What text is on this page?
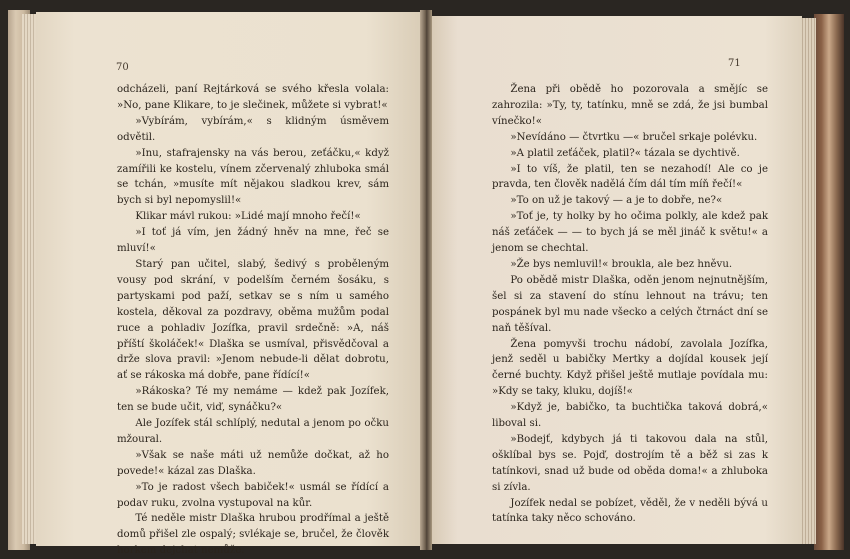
70

odcházeli, paní Rejtárková se svého křesla volala: »No, pane Klikare, to je slečinek, můžete si vybrat!«

»Vybírám, vybírám,« s klidným úsměvem odvětil.

»Inu, stafrajensky na vás berou, zeťáčku,« když zamířili ke kostelu, vínem zčervenalý zhluboka smál se tchán, »musíte mít nějakou sladkou krev, sám bych si byl nepomyslil!«

Klikar mávl rukou: »Lidé mají mnoho řečí!«

»I toť já vím, jen žádný hněv na mne, řeč se mluví!«

Starý pan učitel, slabý, šedivý s proběleným vousy pod skrání, v podelším černém šosáku, s partyskami pod paží, setkav se s ním u samého kostela, děkoval za pozdravy, oběma mužům podal ruce a pohladiv Jozífka, pravil srdečně: »A, náš příští školáček!« Dlaška se usmíval, přisvědčoval a drže slova pravil: »Jenom nebude-li dělat dobrotu, ať se rákoska má dobře, pane řídící!«

»Rákoska? Té my nemáme — kdež pak Jozífek, ten se bude učit, viď, synáčku?«

Ale Jozífek stál schlíplý, nedutal a jenom po očku mžoural.

»Však se naše máti už nemůže dočkat, až ho povede!« kázal zas Dlaška.

»To je radost všech babiček!« usmál se řídící a podav ruku, zvolna vystupoval na kůr.

Té neděle mistr Dlaška hrubou prodřímal a ještě domů přišel zle ospalý; svlékaje se, bručel, že člověk horkem dejchat nemůže.

71

Žena při obědě ho pozorovala a smějíc se zahrozila: »Ty, ty, tatínku, mně se zdá, že jsi bumbal vínečko!«

»Nevídáno — čtvrtku —« bručel srkaje polévku.

»A platil zeťáček, platil?« tázala se dychtivě.

»I to víš, že platil, ten se nezahodí! Ale co je pravda, ten člověk nadělá čím dál tím míň řečí!«

»To on už je takový — a je to dobře, ne?«

»Toť je, ty holky by ho očima polkly, ale kdež pak náš zeťáček — — to bych já se měl jináč k světu!« a jenom se chechtal.

»Že bys nemluvil!« broukla, ale bez hněvu.

Po obědě mistr Dlaška, oděn jenom nejnutnějším, šel si za stavení do stínu lehnout na trávu; ten pospánek byl mu nade všecko a celých čtrnáct dní se naň těšíval.

Žena pomyvši trochu nádobí, zavolala Jozífka, jenž seděl u babičky Mertky a dojídal kousek její černé buchty. Když přišel ještě mutlaje povídala mu: »Kdy se taky, kluku, dojíš!«

»Když je, babičko, ta buchtička taková dobrá,« liboval si.

»Bodejť, kdybych já ti takovou dala na stůl, ošklíbal bys se. Pojď, dostrojím tě a běž si zas k tatínkovi, snad už bude od oběda doma!« a zhluboka si zívla.

Jozífek nedal se pobízet, věděl, že v neděli bývá u tatínka taky něco schováno.
